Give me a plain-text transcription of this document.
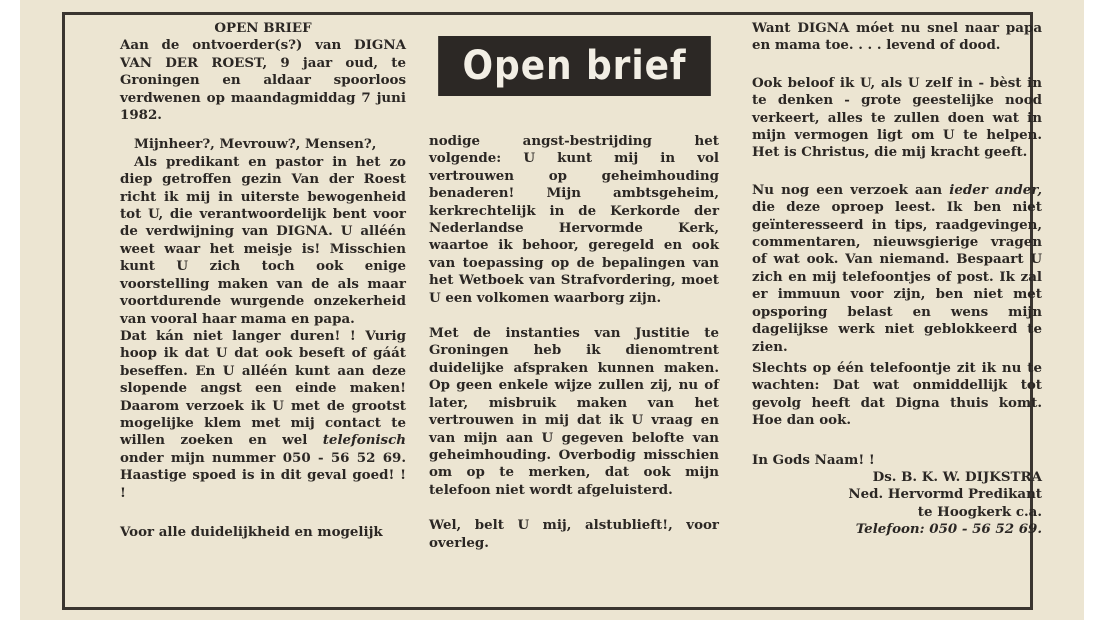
OPEN BRIEF

Aan de ontvoerder(s?) van DIGNA VAN DER ROEST, 9 jaar oud, te Groningen en aldaar spoorloos verdwenen op maandagmiddag 7 juni 1982.

Mijnheer?, Mevrouw?, Mensen?,

Als predikant en pastor in het zo diep getroffen gezin Van der Roest richt ik mij in uiterste bewogenheid tot U, die verantwoordelijk bent voor de verdwijning van DIGNA. U alléén weet waar het meisje is! Misschien kunt U zich toch ook enige voorstelling maken van de als maar voortdurende wurgende onzekerheid van vooral haar mama en papa.

Dat kán niet langer duren! ! Vurig hoop ik dat U dat ook beseft of gáát beseffen. En U alléén kunt aan deze slopende angst een einde maken! Daarom verzoek ik U met de grootst mogelijke klem met mij contact te willen zoeken en wel telefonisch onder mijn nummer 050 - 56 52 69. Haastige spoed is in dit geval goed! ! !

Voor alle duidelijkheid en mogelijk

Open brief

nodige angst-bestrijding het volgende: U kunt mij in vol vertrouwen op geheimhouding benaderen! Mijn ambtsgeheim, kerkrechtelijk in de Kerkorde der Nederlandse Hervormde Kerk, waartoe ik behoor, geregeld en ook van toepassing op de bepalingen van het Wetboek van Strafvordering, moet U een volkomen waarborg zijn.

Met de instanties van Justitie te Groningen heb ik dienomtrent duidelijke afspraken kunnen maken. Op geen enkele wijze zullen zij, nu of later, misbruik maken van het vertrouwen in mij dat ik U vraag en van mijn aan U gegeven belofte van geheimhouding. Overbodig misschien om op te merken, dat ook mijn telefoon niet wordt afgeluisterd.

Wel, belt U mij, alstublieft!, voor overleg.

Want DIGNA móet nu snel naar papa en mama toe. . . . levend of dood.

Ook beloof ik U, als U zelf in - bèst in te denken - grote geestelijke nood verkeert, alles te zullen doen wat in mijn vermogen ligt om U te helpen. Het is Christus, die mij kracht geeft.

Nu nog een verzoek aan ieder ander, die deze oproep leest. Ik ben niet geïnteresseerd in tips, raadgevingen, commentaren, nieuwsgierige vragen of wat ook. Van niemand. Bespaart U zich en mij telefoontjes of post. Ik zal er immuun voor zijn, ben niet met opsporing belast en wens mijn dagelijkse werk niet geblokkeerd te zien.

Slechts op één telefoontje zit ik nu te wachten: Dat wat onmiddellijk tot gevolg heeft dat Digna thuis komt. Hoe dan ook.

In Gods Naam! !

Ds. B. K. W. DIJKSTRA

Ned. Hervormd Predikant

te Hoogkerk c.a.

Telefoon: 050 - 56 52 69.
